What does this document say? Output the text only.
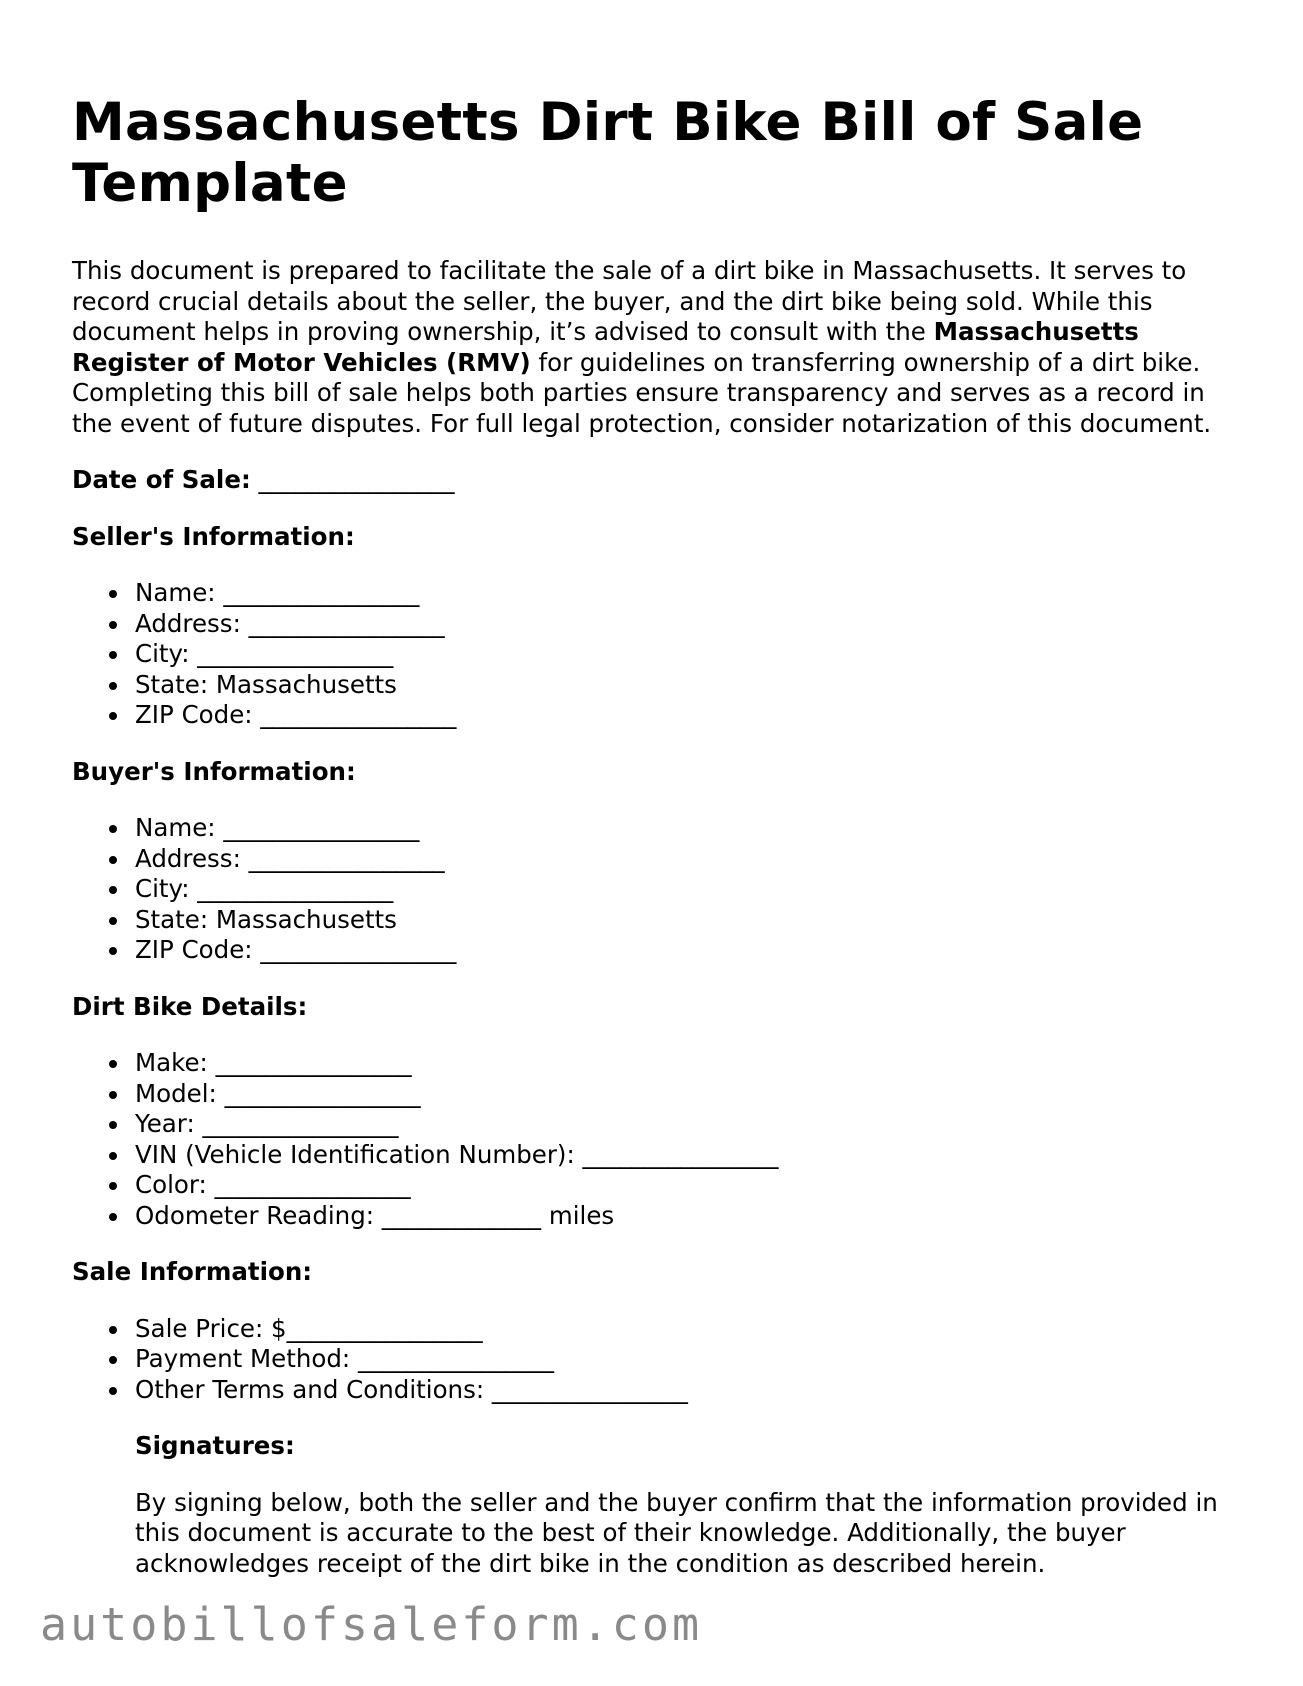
Massachusetts Dirt Bike Bill of Sale Template

This document is prepared to facilitate the sale of a dirt bike in Massachusetts. It serves to record crucial details about the seller, the buyer, and the dirt bike being sold. While this document helps in proving ownership, it’s advised to consult with the Massachusetts Register of Motor Vehicles (RMV) for guidelines on transferring ownership of a dirt bike. Completing this bill of sale helps both parties ensure transparency and serves as a record in the event of future disputes. For full legal protection, consider notarization of this document.

Date of Sale: ________________
Seller's Information:
Name: ________________
Address: ________________
City: ________________
State: Massachusetts
ZIP Code: ________________
Buyer's Information:
Name: ________________
Address: ________________
City: ________________
State: Massachusetts
ZIP Code: ________________
Dirt Bike Details:
Make: ________________
Model: ________________
Year: ________________
VIN (Vehicle Identification Number): ________________
Color: ________________
Odometer Reading: _____________ miles
Sale Information:
Sale Price: $________________
Payment Method: ________________
Other Terms and Conditions: ________________
Signatures:
By signing below, both the seller and the buyer confirm that the information provided in this document is accurate to the best of their knowledge. Additionally, the buyer acknowledges receipt of the dirt bike in the condition as described herein.
autobillofsaleform.com
